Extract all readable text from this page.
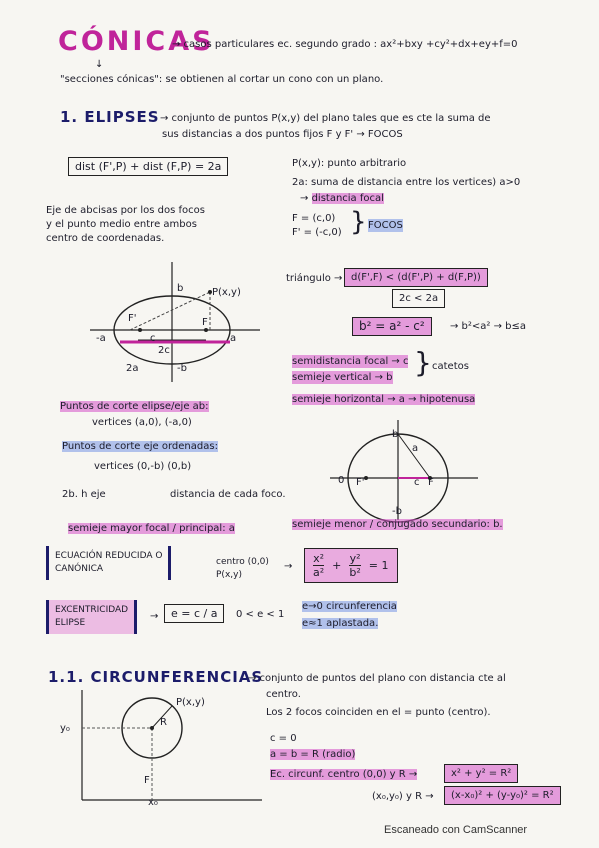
CÓNICAS
→ casos particulares ec. segundo grado : ax²+bxy +cy²+dx+ey+f=0
↓
"secciones cónicas": se obtienen al cortar un cono con un plano.
1. ELIPSES → conjunto de puntos P(x,y) del plano tales que es cte la suma de
sus distancias a dos puntos fijos F y F' → FOCOS
dist (F',P) + dist (F,P) = 2a	P(x,y): punto arbitrario
2a: suma de distancia entre los vertices) a>0
→ distancia focal
F = (c,0)
F' = (-c,0) } FOCOS
Eje de abcisas por los dos focos
y el punto medio entre ambos
centro de coordenadas.
b
-b
-a	a
P(x,y)
F'	F
c
2c
2a
triángulo → d(F',F) < (d(F',P) + d(F,P))
2c < 2a
b² = a² - c²	→ b²<a² → b≤a
semidistancia focal → c
semieje vertical → b } catetos
semieje horizontal → a → hipotenusa
Puntos de corte elipse/eje ab:
vertices (a,0), (-a,0)
Puntos de corte eje ordenadas:
vertices (0,-b) (0,b)
2b. h eje	distancia de cada foco.
b
a
F'
0	c F
-b
semieje mayor focal / principal: a	semieje menor / conjugado secundario: b.
ECUACIÓN REDUCIDA O
CANÓNICA
centro (0,0)
P(x,y)
→ $\frac{\text{x²}}{\text{a²}} + \frac{\text{y²}}{\text{b²}} = 1$
EXCENTRICIDAD
ELIPSE
→	e = c / a	0 < e < 1
e→0 circunferencia
e≈1 aplastada.
1.1. CIRCUNFERENCIAS
→ conjunto de puntos del plano con distancia cte al
centro.
Los 2 focos coinciden en el = punto (centro).
P(x,y)
R
y₀
F
x₀
c = 0
a = b = R (radio)
Ec. circunf. centro (0,0) y R →	x² + y² = R²
(x₀,y₀) y R →	(x-x₀)² + (y-y₀)² = R²
Escaneado con CamScanner
